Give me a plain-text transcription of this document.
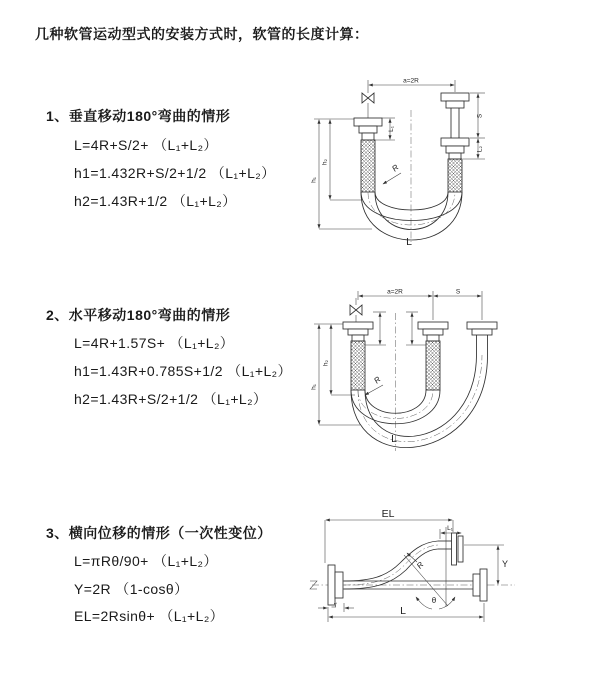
几种软管运动型式的安装方式时，软管的长度计算：
1、垂直移动180°弯曲的情形
L=4R+S/2+ （L₁+L₂）
h1=1.432R+S/2+1/2 （L₁+L₂）
h2=1.43R+1/2 （L₁+L₂）
2、水平移动180°弯曲的情形
L=4R+1.57S+ （L₁+L₂）
h1=1.43R+0.785S+1/2 （L₁+L₂）
h2=1.43R+S/2+1/2 （L₁+L₂）
3、横向位移的情形（一次性变位）
L=πRθ/90+ （L₁+L₂）
Y=2R （1-cosθ）
EL=2Rsinθ+ （L₁+L₂）
a=2R
L₁
S
L₂
h₂
h₁
R
L
a=2R	S
h₂
h₁
R
L
EL
L₁
Y
R
θ
L
L₁
